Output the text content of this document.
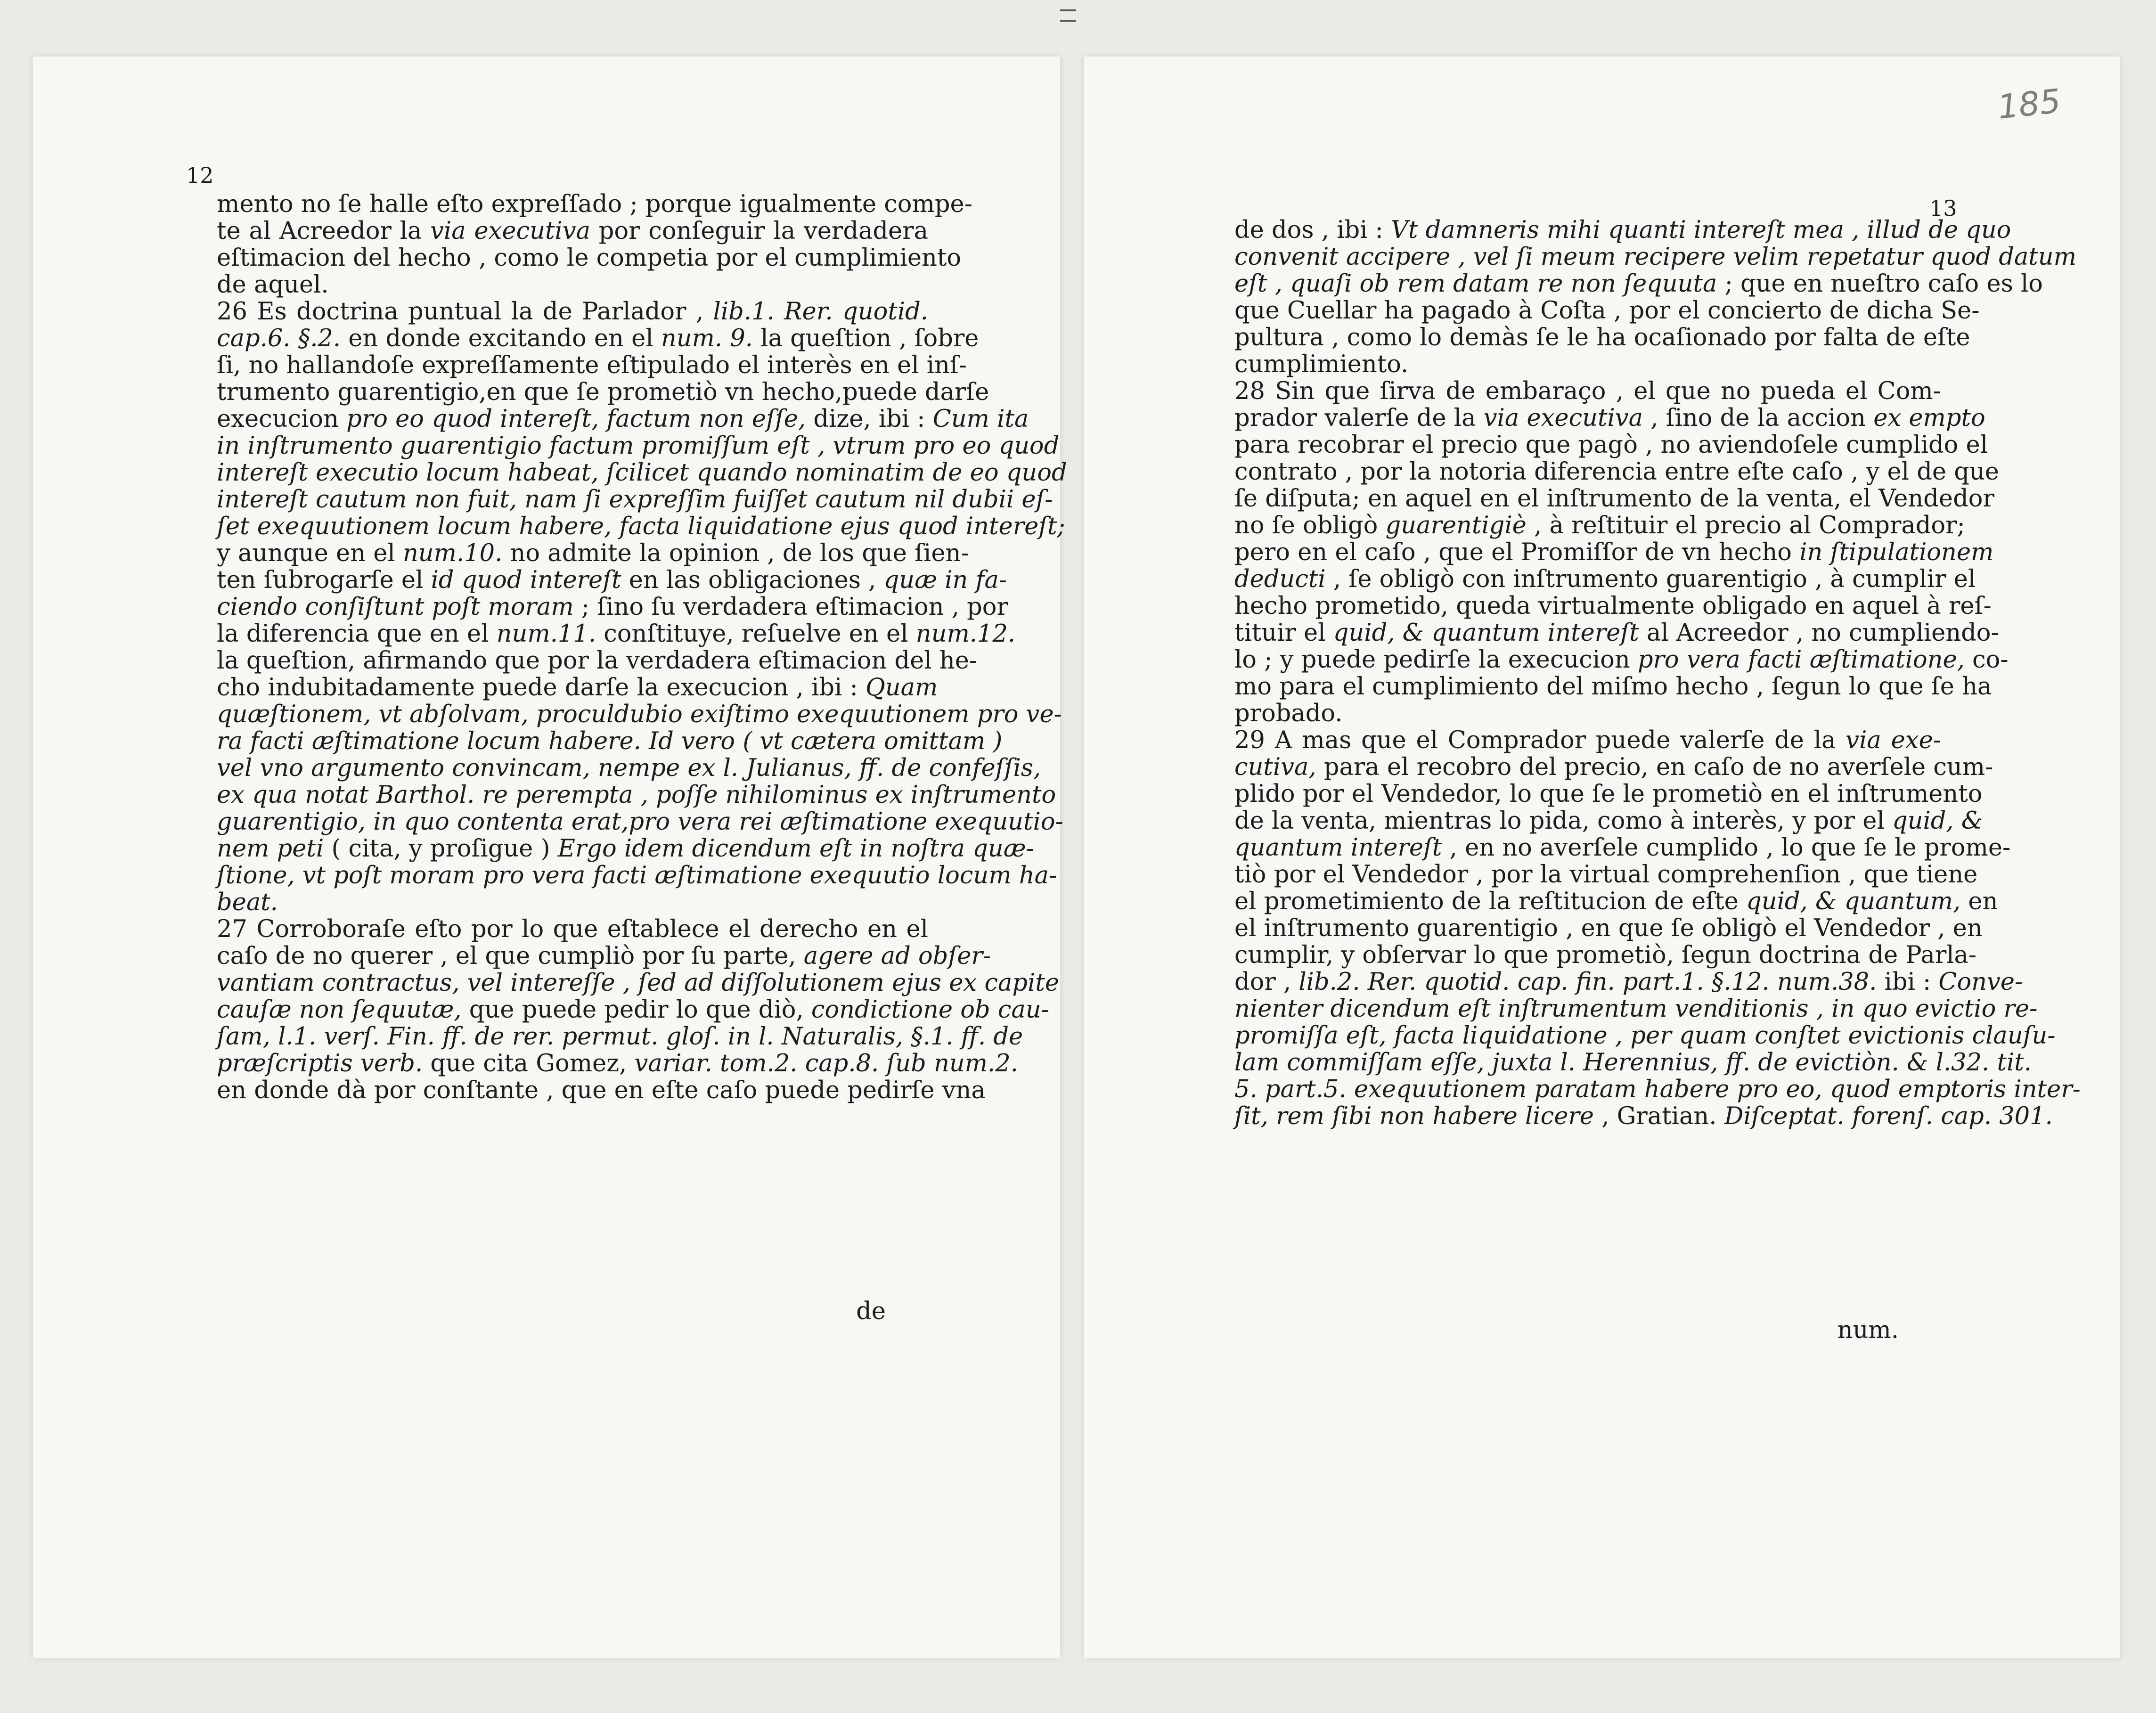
12
mento no ſe halle eſto expreſſado ; porque igualmente compe-
te al Acreedor la via executiva por conſeguir la verdadera
eſtimacion del hecho , como le competia por el cumplimiento
de aquel.
26 Es doctrina puntual la de Parlador , lib.1. Rer. quotid.
cap.6. §.2. en donde excitando en el num. 9. la queſtion , ſobre
ſi, no hallandoſe expreſſamente eſtipulado el interès en el inſ-
trumento guarentigio,en que ſe prometiò vn hecho,puede darſe
execucion pro eo quod intereſt, factum non eſſe, dize, ibi : Cum ita
in inſtrumento guarentigio factum promiſſum eſt , vtrum pro eo quod
intereſt executio locum habeat, ſcilicet quando nominatim de eo quod
intereſt cautum non fuit, nam ſi expreſſim fuiſſet cautum nil dubii eſ-
ſet exequutionem locum habere, facta liquidatione ejus quod intereſt;
y aunque en el num.10. no admite la opinion , de los que ſien-
ten ſubrogarſe el id quod intereſt en las obligaciones , quæ in fa-
ciendo conſiſtunt poſt moram ; ſino ſu verdadera eſtimacion , por
la diferencia que en el num.11. conſtituye, reſuelve en el num.12.
la queſtion, afirmando que por la verdadera eſtimacion del he-
cho indubitadamente puede darſe la execucion , ibi : Quam
quæſtionem, vt abſolvam, proculdubio exiſtimo exequutionem pro ve-
ra facti æſtimatione locum habere. Id vero ( vt cætera omittam )
vel vno argumento convincam, nempe ex l. Julianus, ff. de confeſſis,
ex qua notat Barthol. re perempta , poſſe nihilominus ex inſtrumento
guarentigio, in quo contenta erat,pro vera rei æſtimatione exequutio-
nem peti ( cita, y proſigue ) Ergo idem dicendum eſt in noſtra quæ-
ſtione, vt poſt moram pro vera facti æſtimatione exequutio locum ha-
beat.
27 Corroboraſe eſto por lo que eſtablece el derecho en el
caſo de no querer , el que cumpliò por ſu parte, agere ad obſer-
vantiam contractus, vel intereſſe , ſed ad diſſolutionem ejus ex capite
cauſæ non ſequutæ, que puede pedir lo que diò, condictione ob cau-
ſam, l.1. verſ. Fin. ff. de rer. permut. gloſ. in l. Naturalis, §.1. ff. de
præſcriptis verb. que cita Gomez, variar. tom.2. cap.8. ſub num.2.
en donde dà por conſtante , que en eſte caſo puede pedirſe vna
de
13
de dos , ibi : Vt damneris mihi quanti intereſt mea , illud de quo
convenit accipere , vel ſi meum recipere velim repetatur quod datum
eſt , quaſi ob rem datam re non ſequuta ; que en nueſtro caſo es lo
que Cuellar ha pagado à Coſta , por el concierto de dicha Se-
pultura , como lo demàs ſe le ha ocaſionado por falta de eſte
cumplimiento.
28 Sin que ſirva de embaraço , el que no pueda el Com-
prador valerſe de la via executiva , ſino de la accion ex empto
para recobrar el precio que pagò , no aviendoſele cumplido el
contrato , por la notoria diferencia entre eſte caſo , y el de que
ſe diſputa; en aquel en el inſtrumento de la venta, el Vendedor
no ſe obligò guarentigiè , à reſtituir el precio al Comprador;
pero en el caſo , que el Promiſſor de vn hecho in ſtipulationem
deducti , ſe obligò con inſtrumento guarentigio , à cumplir el
hecho prometido, queda virtualmente obligado en aquel à reſ-
tituir el quid, & quantum intereſt al Acreedor , no cumpliendo-
lo ; y puede pedirſe la execucion pro vera facti æſtimatione, co-
mo para el cumplimiento del miſmo hecho , ſegun lo que ſe ha
probado.
29 A mas que el Comprador puede valerſe de la via exe-
cutiva, para el recobro del precio, en caſo de no averſele cum-
plido por el Vendedor, lo que ſe le prometiò en el inſtrumento
de la venta, mientras lo pida, como à interès, y por el quid, &
quantum intereſt , en no averſele cumplido , lo que ſe le prome-
tiò por el Vendedor , por la virtual comprehenſion , que tiene
el prometimiento de la reſtitucion de eſte quid, & quantum, en
el inſtrumento guarentigio , en que ſe obligò el Vendedor , en
cumplir, y obſervar lo que prometiò, ſegun doctrina de Parla-
dor , lib.2. Rer. quotid. cap. fin. part.1. §.12. num.38. ibi : Conve-
nienter dicendum eſt inſtrumentum venditionis , in quo evictio re-
promiſſa eſt, facta liquidatione , per quam conſtet evictionis clauſu-
lam commiſſam eſſe, juxta l. Herennius, ff. de evictiòn. & l.32. tit.
5. part.5. exequutionem paratam habere pro eo, quod emptoris inter-
ſit, rem ſibi non habere licere , Gratian. Diſceptat. forenſ. cap. 301.
num.
185
